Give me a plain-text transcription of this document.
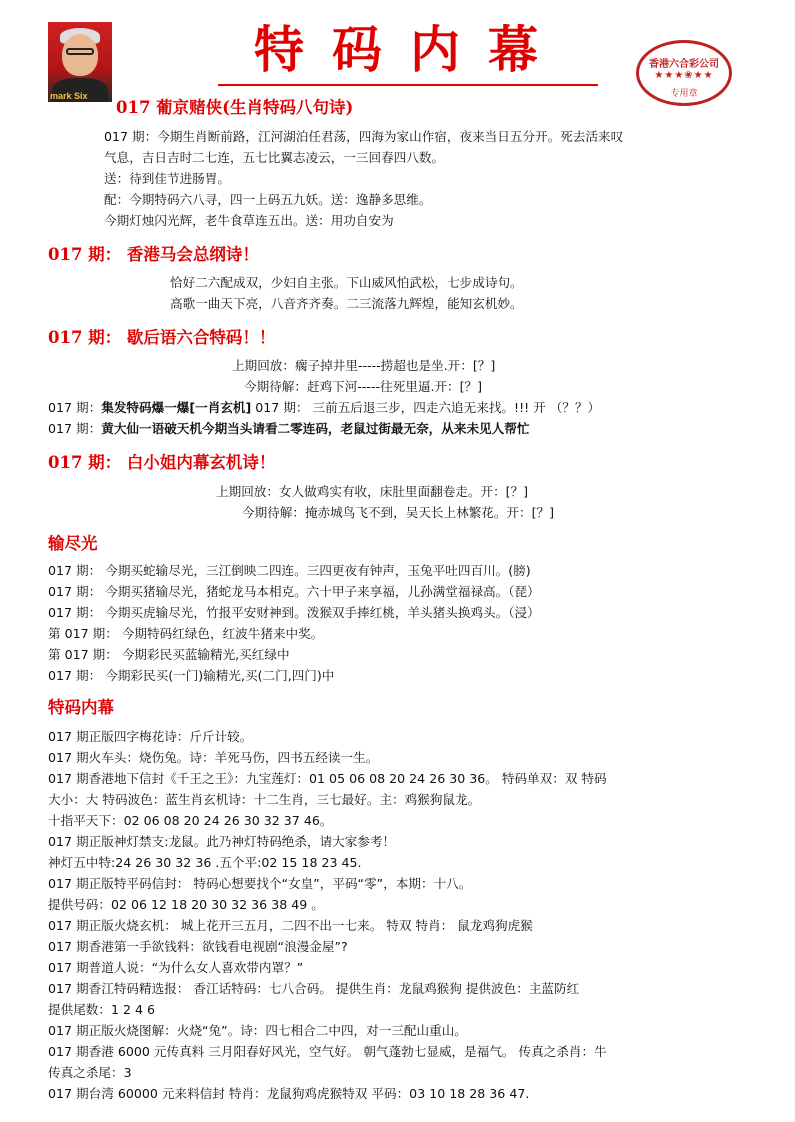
mark Six
特码内幕	香港六合彩公司
★★★❀★★
专用章
017 葡京赌侠(生肖特码八句诗)
017 期：今期生肖断前路，江河湖泊任君荡，四海为家山作宿，夜来当日五分开。死去活来叹
气息，吉日吉时二七连，五七比翼志凌云，一三回春四八数。
送：待到佳节进肠胃。
配：今期特码六八寻，四一上码五九妖。送：逸静多思维。
今期灯烛闪光辉，老牛食草连五出。送：用功自安为
017 期： 香港马会总纲诗！
恰好二六配成双，少妇自主张。下山威风怕武松，七步成诗句。
高歌一曲天下亮，八音齐齐奏。二三流落九辉煌，能知玄机妙。
017 期： 歇后语六合特码！！
上期回放：瘸子掉井里-----捞超也是坐.开：[？]
今期待解：赶鸡下河-----往死里逼.开：[？]
017 期：集发特码爆一爆[一肖玄机] 017 期： 三前五后退三步，四走六追无来找。!!! 开 （？？）
017 期：黄大仙一语破天机今期当头请看二零连码，老鼠过街最无奈，从来未见人帮忙
017 期： 白小姐内幕玄机诗！
上期回放：女人做鸡实有收，床肚里面翻卷走。开：[？]
今期待解：掩赤城鸟飞不到，吴天长上林繁花。开：[？]
输尽光
017 期： 今期买蛇输尽光，三江倒映二四连。三四更夜有钟声，玉兔平吐四百川。(膀)
017 期： 今期买猪输尽光，猪蛇龙马本相克。六十甲子来享福，儿孙满堂福禄高。（琵）
017 期： 今期买虎输尽光，竹报平安财神到。泼猴双手捧红桃，羊头猪头换鸡头。（浸）
第 017 期： 今期特码红绿色，红波牛猪来中奖。
第 017 期： 今期彩民买蓝输精光,买红绿中
017 期： 今期彩民买(一门)输精光,买(二门,四门)中
特码内幕
017 期正版四字梅花诗：斤斤计较。
017 期火车头：烧伤兔。诗：羊死马伤，四书五经读一生。
017 期香港地下信封《千王之王》：九宝莲灯：01 05 06 08 20 24 26 30 36。 特码单双：双 特码
大小：大 特码波色：蓝生肖玄机诗：十二生肖，三七最好。主：鸡猴狗鼠龙。
十指平天下：02 06 08 20 24 26 30 32 37 46。
017 期正版神灯禁支:龙鼠。此乃神灯特码绝杀，请大家参考！
神灯五中特:24 26 30 32 36 .五个平:02 15 18 23 45.
017 期正版特平码信封： 特码心想要找个“女皇”，平码“零”，本期：十八。
提供号码：02 06 12 18 20 30 32 36 38 49 。
017 期正版火烧玄机： 城上花开三五月，二四不出一七来。 特双 特肖： 鼠龙鸡狗虎猴
017 期香港第一手欲钱料：欲钱看电视剧“浪漫金屋”?
017 期普道人说：“为什么女人喜欢带内罩？”
017 期香江特码精选报： 香江话特码：七八合码。 提供生肖：龙鼠鸡猴狗 提供波色：主蓝防红
提供尾数：1 2 4 6
017 期正版火烧图解：火烧“兔”。诗：四七相合二中四，对一三配山重山。
017 期香港 6000 元传真料 三月阳春好风光，空气好。 朝气蓬勃七显威，是福气。 传真之杀肖：牛
传真之杀尾：3
017 期台湾 60000 元来料信封 特肖：龙鼠狗鸡虎猴特双 平码：03 10 18 28 36 47.
